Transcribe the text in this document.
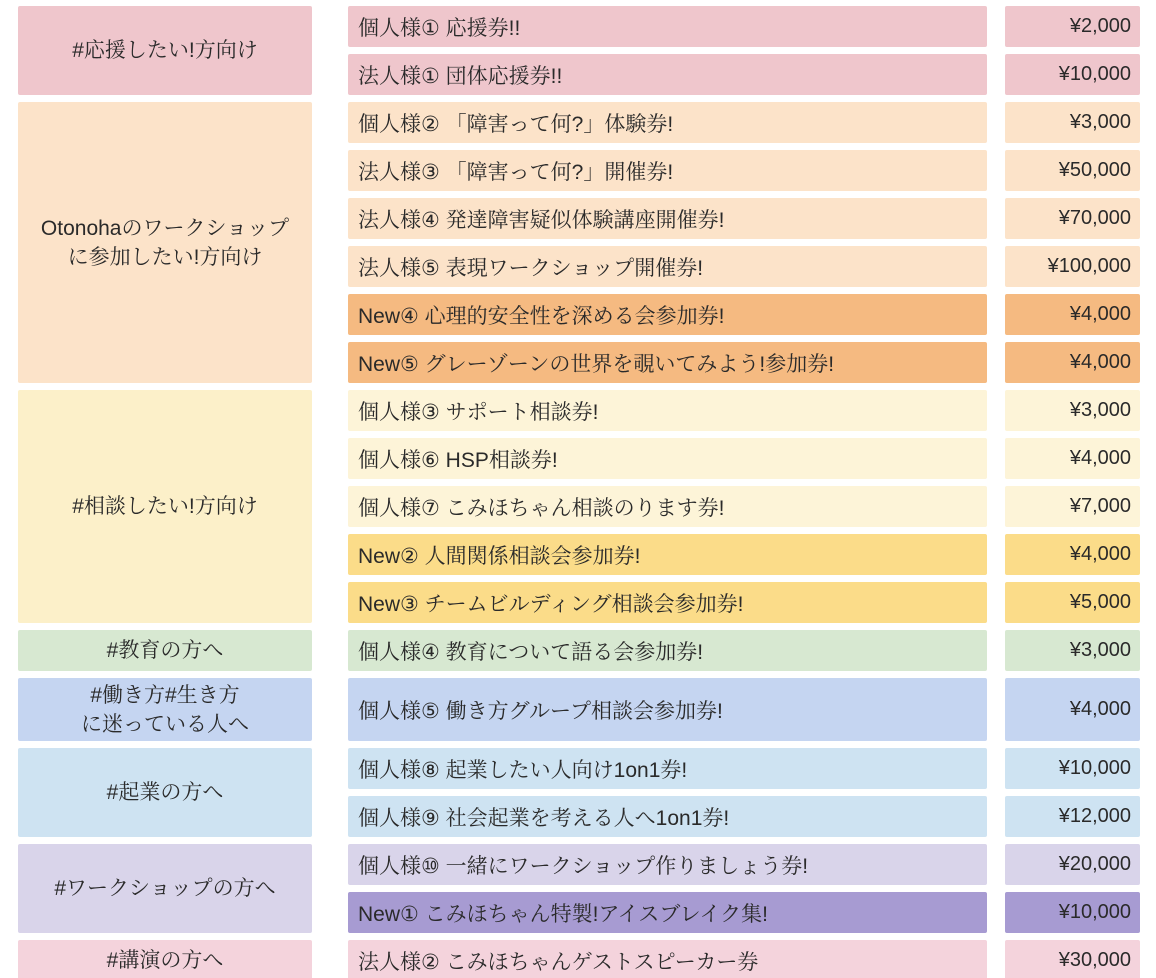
#応援したい!方向け
個人様① 応援券!!	¥2,000
法人様① 団体応援券!!	¥10,000
Otonohaのワークショップ
に参加したい!方向け
個人様② 「障害って何?」体験券!	¥3,000
法人様③ 「障害って何?」開催券!	¥50,000
法人様④ 発達障害疑似体験講座開催券!	¥70,000
法人様⑤ 表現ワークショップ開催券!	¥100,000
New④ 心理的安全性を深める会参加券!	¥4,000
New⑤ グレーゾーンの世界を覗いてみよう!参加券!	¥4,000
#相談したい!方向け
個人様③ サポート相談券!	¥3,000
個人様⑥ HSP相談券!	¥4,000
個人様⑦ こみほちゃん相談のります券!	¥7,000
New② 人間関係相談会参加券!	¥4,000
New③ チームビルディング相談会参加券!	¥5,000
#教育の方へ	個人様④ 教育について語る会参加券!	¥3,000
#働き方#生き方
に迷っている人へ
個人様⑤ 働き方グループ相談会参加券!	¥4,000
#起業の方へ
個人様⑧ 起業したい人向け1on1券!	¥10,000
個人様⑨ 社会起業を考える人へ1on1券!	¥12,000
#ワークショップの方へ
個人様⑩ 一緒にワークショップ作りましょう券!	¥20,000
New① こみほちゃん特製!アイスブレイク集!	¥10,000
#講演の方へ	法人様② こみほちゃんゲストスピーカー券	¥30,000
